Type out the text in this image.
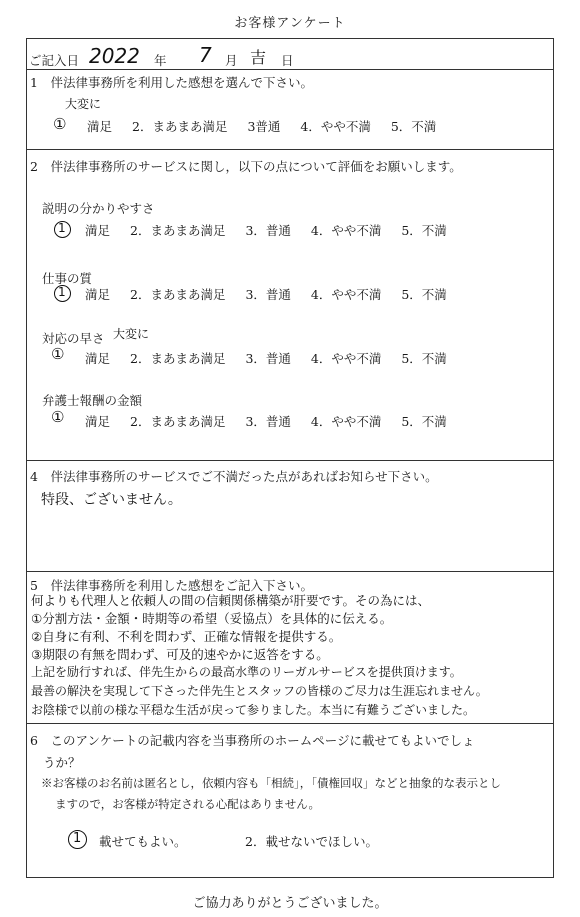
お客様アンケート
ご記入日 2022 年 7 月 吉 日
1　伴法律事務所を利用した感想を選んで下さい。
大変に
① 満足 2．まあまあ満足 3普通 4．やや不満 5．不満
2　伴法律事務所のサービスに関し，以下の点について評価をお願いします。
説明の分かりやすさ
1 満足 2．まあまあ満足 3．普通 4．やや不満 5．不満
仕事の質
1 満足 2．まあまあ満足 3．普通 4．やや不満 5．不満
対応の早さ 大変に
① 満足 2．まあまあ満足 3．普通 4．やや不満 5．不満
弁護士報酬の金額
① 満足 2．まあまあ満足 3．普通 4．やや不満 5．不満
4　伴法律事務所のサービスでご不満だった点があればお知らせ下さい。
特段、ございません。
5　伴法律事務所を利用した感想をご記入下さい。
何よりも代理人と依頼人の間の信頼関係構築が肝要です。その為には、
①分割方法・金額・時期等の希望（妥協点）を具体的に伝える。
②自身に有利、不利を問わず、正確な情報を提供する。
③期限の有無を問わず、可及的速やかに返答をする。
上記を励行すれば、伴先生からの最高水準のリーガルサービスを提供頂けます。
最善の解決を実現して下さった伴先生とスタッフの皆様のご尽力は生涯忘れません。
お陰様で以前の様な平穏な生活が戻って参りました。本当に有難うございました。
6　このアンケートの記載内容を当事務所のホームページに載せてもよいでしょ
うか？
※お客様のお名前は匿名とし，依頼内容も「相続」，「債権回収」などと抽象的な表示とし
ますので，お客様が特定される心配はありません。
1 載せてもよい。	2．載せないでほしい。
ご協力ありがとうございました。
